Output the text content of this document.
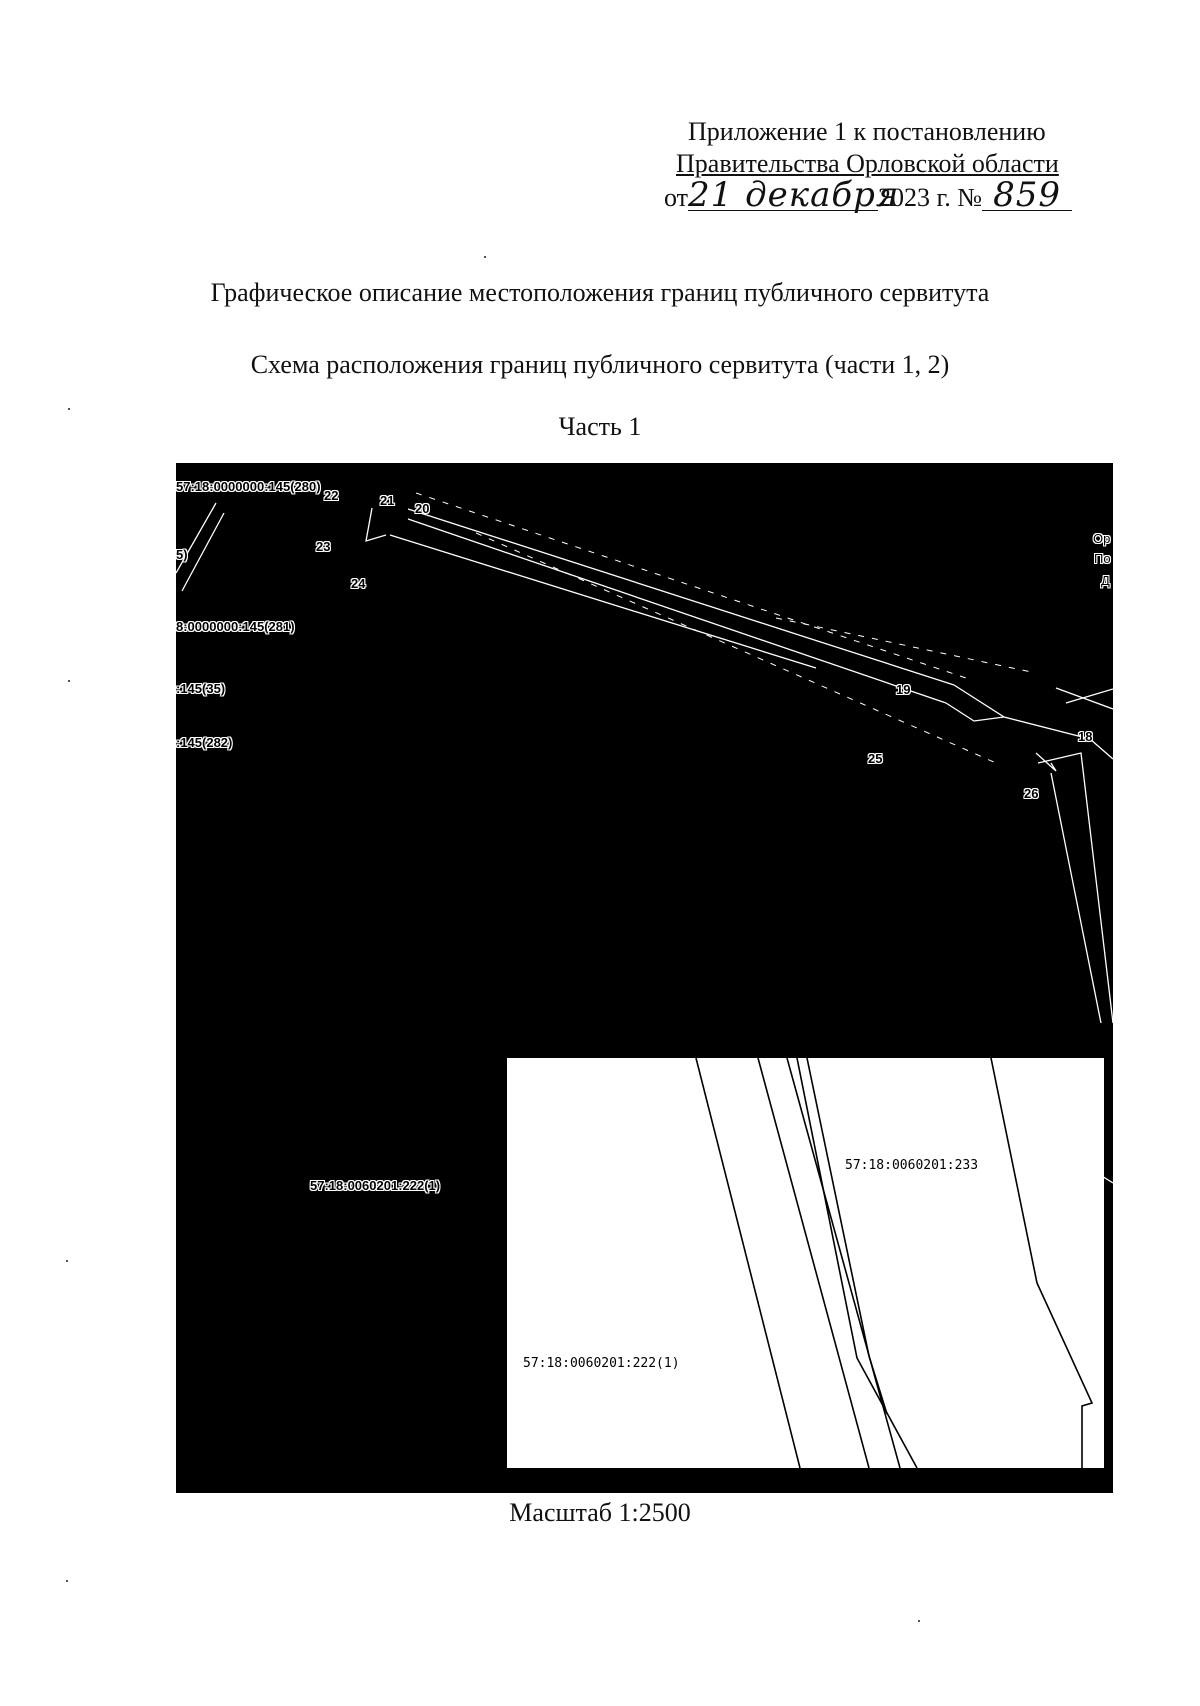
Приложение 1 к постановлению
Правительства Орловской области
от21 декабря2023 г. № 859
Графическое описание местоположения границ публичного сервитута
Схема расположения границ публичного сервитута (части 1, 2)
Часть 1
57:18:0000000:145(280)
5)
8:0000000:145(281)
:145(35)
:145(282)
57:18:0060201:222(1)
Ор
По
Д
22	21
20
23
24
19
25
18
26
57:18:0060201:233
57:18:0060201:222(1)
Масштаб 1:2500
